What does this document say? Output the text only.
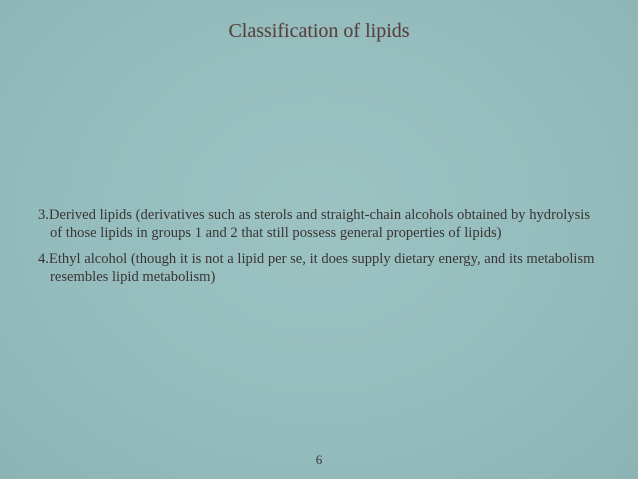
Classification of lipids

3.Derived lipids (derivatives such as sterols and straight-chain alcohols obtained by hydrolysis of those lipids in groups 1 and 2 that still possess general properties of lipids)

4.Ethyl alcohol (though it is not a lipid per se, it does supply dietary energy, and its metabolism resembles lipid metabolism)

6
